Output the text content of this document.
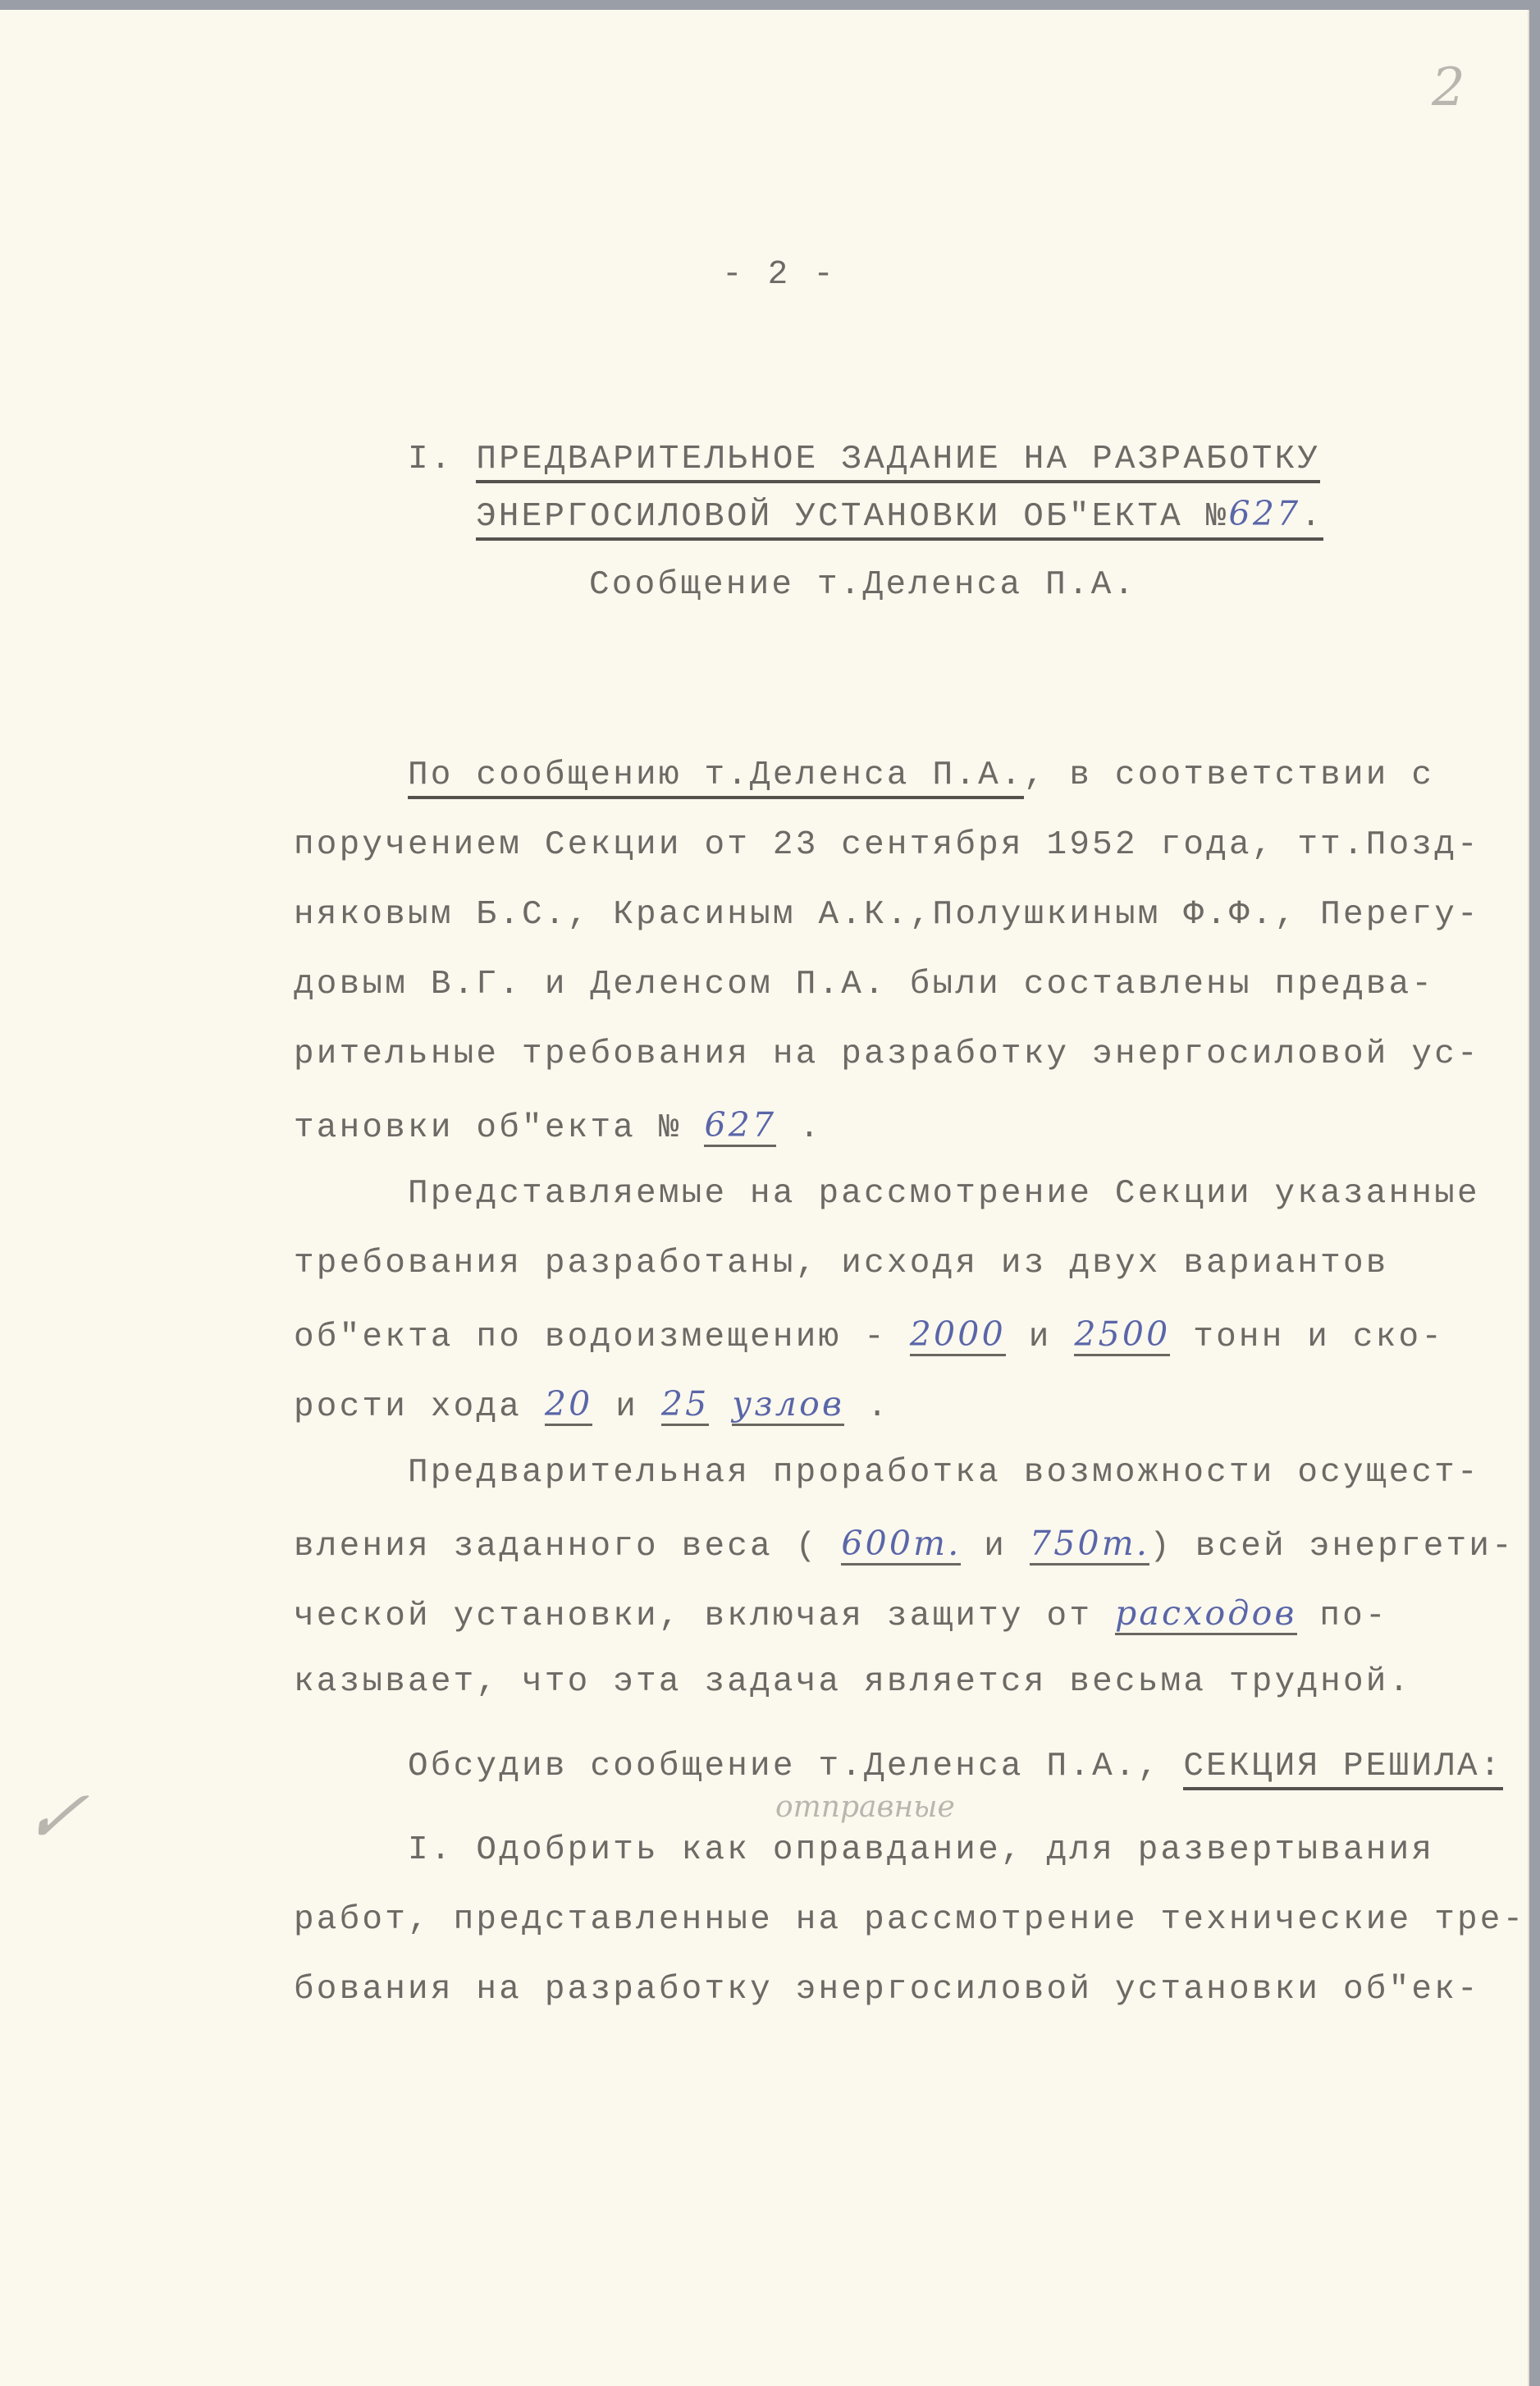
2
- 2 -
I. ПРЕДВАРИТЕЛЬНОЕ ЗАДАНИЕ НА РАЗРАБОТКУ
ЭНЕРГОСИЛОВОЙ УСТАНОВКИ ОБ"ЕКТА №627.
Сообщение т.Деленса П.А.
По сообщению т.Деленса П.А., в соответствии с
поручением Секции от 23 сентября 1952 года, тт.Позд-
няковым Б.С., Красиным А.К.,Полушкиным Ф.Ф., Перегу-
довым В.Г. и Деленсом П.А. были составлены предва-
рительные требования на разработку энергосиловой ус-
тановки об"екта № 627 .
Представляемые на рассмотрение Секции указанные
требования разработаны, исходя из двух вариантов
об"екта по водоизмещению - 2000 и 2500 тонн и ско-
рости хода 20 и 25 узлов .
Предварительная проработка возможности осущест-
вления заданного веса ( 600т. и 750т.) всей энергети-
ческой установки, включая защиту от расходов по-
казывает, что эта задача является весьма трудной.
Обсудив сообщение т.Деленса П.А., СЕКЦИЯ РЕШИЛА:
✓	отправные
I. Одобрить как оправдание, для развертывания
работ, представленные на рассмотрение технические тре-
бования на разработку энергосиловой установки об"ек-
